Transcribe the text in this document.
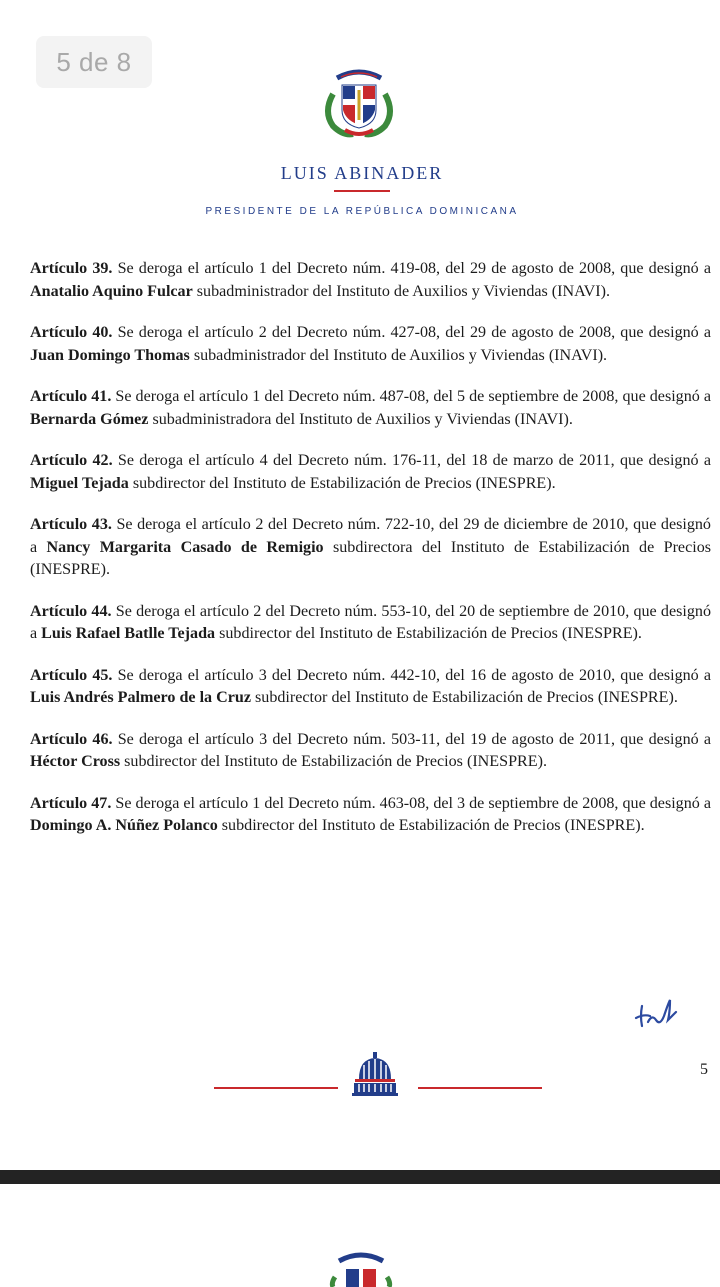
5 de 8
LUIS ABINADER
PRESIDENTE DE LA REPÚBLICA DOMINICANA

Artículo 39. Se deroga el artículo 1 del Decreto núm. 419-08, del 29 de agosto de 2008, que designó a Anatalio Aquino Fulcar subadministrador del Instituto de Auxilios y Viviendas (INAVI).

Artículo 40. Se deroga el artículo 2 del Decreto núm. 427-08, del 29 de agosto de 2008, que designó a Juan Domingo Thomas subadministrador del Instituto de Auxilios y Viviendas (INAVI).

Artículo 41. Se deroga el artículo 1 del Decreto núm. 487-08, del 5 de septiembre de 2008, que designó a Bernarda Gómez subadministradora del Instituto de Auxilios y Viviendas (INAVI).

Artículo 42. Se deroga el artículo 4 del Decreto núm. 176-11, del 18 de marzo de 2011, que designó a Miguel Tejada subdirector del Instituto de Estabilización de Precios (INESPRE).

Artículo 43. Se deroga el artículo 2 del Decreto núm. 722-10, del 29 de diciembre de 2010, que designó a Nancy Margarita Casado de Remigio subdirectora del Instituto de Estabilización de Precios (INESPRE).

Artículo 44. Se deroga el artículo 2 del Decreto núm. 553-10, del 20 de septiembre de 2010, que designó a Luis Rafael Batlle Tejada subdirector del Instituto de Estabilización de Precios (INESPRE).

Artículo 45. Se deroga el artículo 3 del Decreto núm. 442-10, del 16 de agosto de 2010, que designó a Luis Andrés Palmero de la Cruz subdirector del Instituto de Estabilización de Precios (INESPRE).

Artículo 46. Se deroga el artículo 3 del Decreto núm. 503-11, del 19 de agosto de 2011, que designó a Héctor Cross subdirector del Instituto de Estabilización de Precios (INESPRE).

Artículo 47. Se deroga el artículo 1 del Decreto núm. 463-08, del 3 de septiembre de 2008, que designó a Domingo A. Núñez Polanco subdirector del Instituto de Estabilización de Precios (INESPRE).

5
